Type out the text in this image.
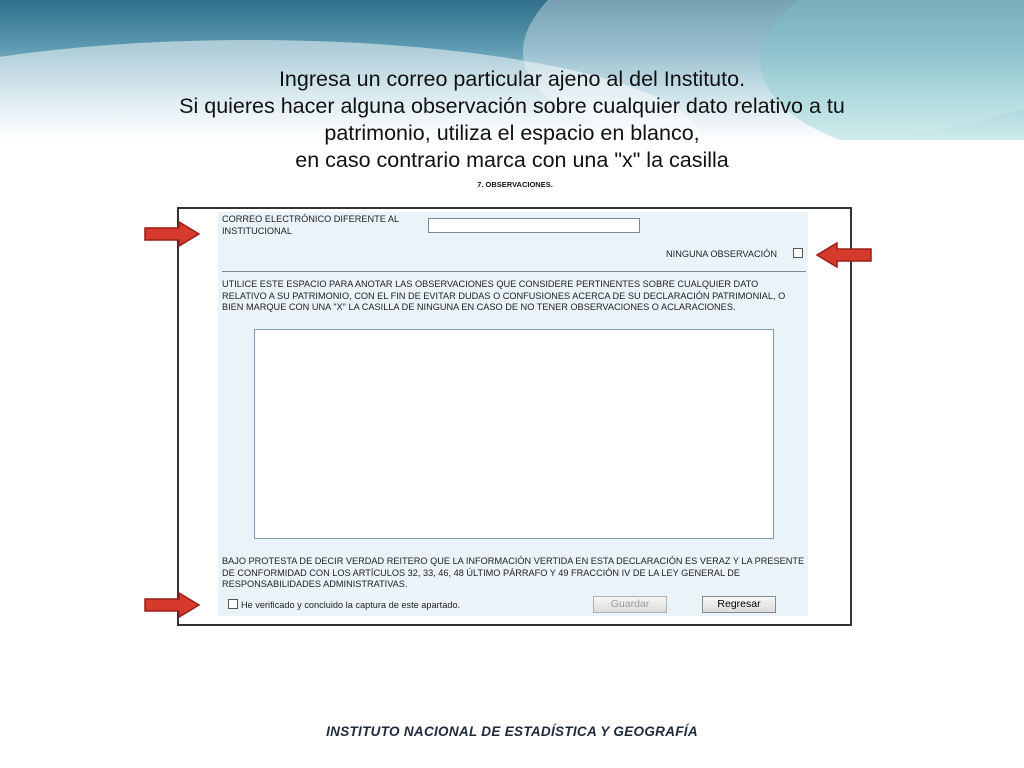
Ingresa un correo particular ajeno al del Instituto.
Si quieres hacer alguna observación sobre cualquier dato relativo a tu
patrimonio, utiliza el espacio en blanco,
en caso contrario marca con una "x" la casilla
7. OBSERVACIONES.
CORREO ELECTRÓNICO DIFERENTE AL INSTITUCIONAL
NINGUNA OBSERVACIÓN
UTILICE ESTE ESPACIO PARA ANOTAR LAS OBSERVACIONES QUE CONSIDERE PERTINENTES SOBRE CUALQUIER DATO RELATIVO A SU PATRIMONIO, CON EL FIN DE EVITAR DUDAS O CONFUSIONES ACERCA DE SU DECLARACIÓN PATRIMONIAL, O BIEN MARQUE CON UNA "X" LA CASILLA DE NINGUNA EN CASO DE NO TENER OBSERVACIONES O ACLARACIONES.
BAJO PROTESTA DE DECIR VERDAD REITERO QUE LA INFORMACIÓN VERTIDA EN ESTA DECLARACIÓN ES VERAZ Y LA PRESENTE DE CONFORMIDAD CON LOS ARTÍCULOS 32, 33, 46, 48 ÚLTIMO PÁRRAFO Y 49 FRACCIÓN IV DE LA LEY GENERAL DE RESPONSABILIDADES ADMINISTRATIVAS.
He verificado y concluido la captura de este apartado.	Guardar	Regresar
INSTITUTO NACIONAL DE ESTADÍSTICA Y GEOGRAFÍA
